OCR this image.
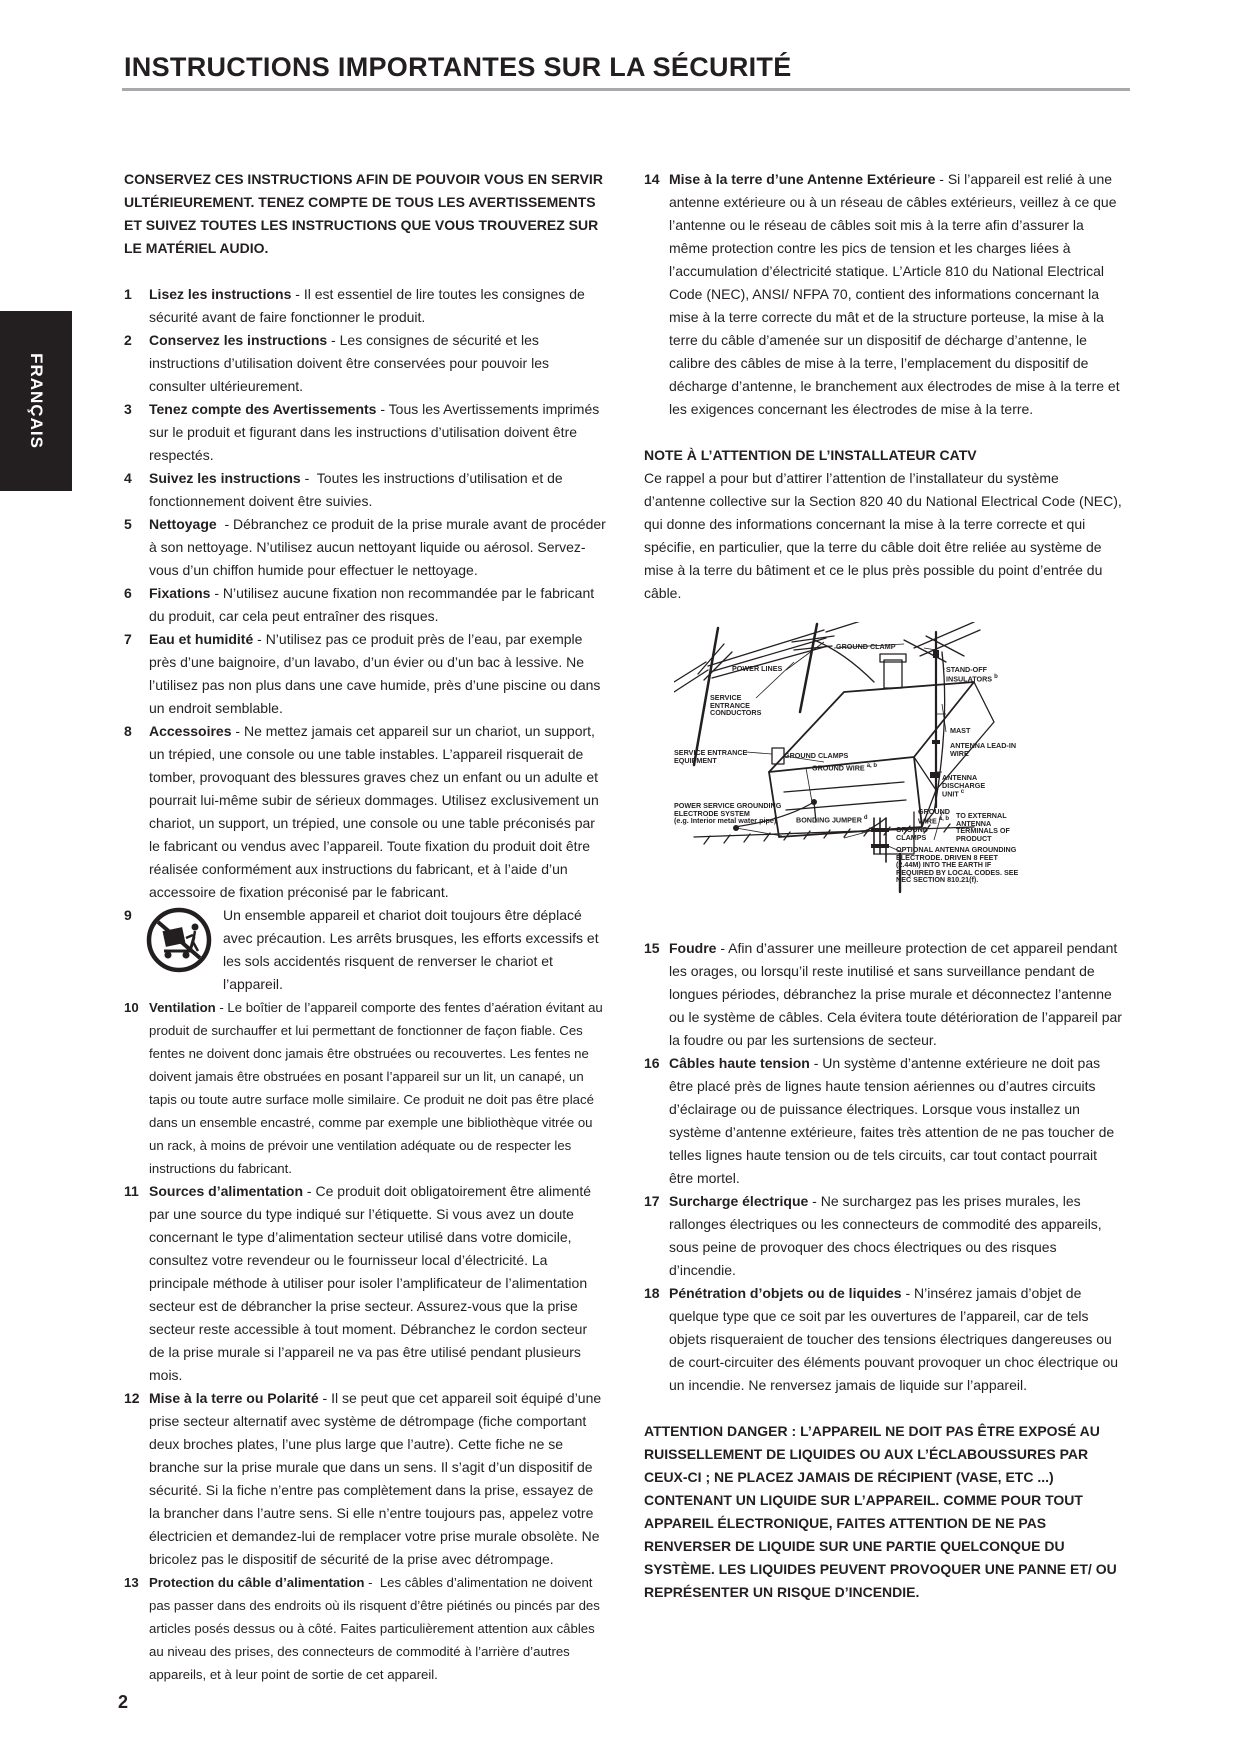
INSTRUCTIONS IMPORTANTES SUR LA SÉCURITÉ
FRANÇAIS

CONSERVEZ CES INSTRUCTIONS AFIN DE POUVOIR VOUS EN SERVIR ULTÉRIEUREMENT. TENEZ COMPTE DE TOUS LES AVERTISSEMENTS ET SUIVEZ TOUTES LES INSTRUCTIONS QUE VOUS TROUVEREZ SUR LE MATÉRIEL AUDIO.

1 Lisez les instructions - Il est essentiel de lire toutes les consignes de sécurité avant de faire fonctionner le produit.
2 Conservez les instructions - Les consignes de sécurité et les instructions d’utilisation doivent être conservées pour pouvoir les consulter ultérieurement.
3 Tenez compte des Avertissements - Tous les Avertissements imprimés sur le produit et figurant dans les instructions d’utilisation doivent être respectés.
4 Suivez les instructions -  Toutes les instructions d’utilisation et de fonctionnement doivent être suivies.
5 Nettoyage  - Débranchez ce produit de la prise murale avant de procéder à son nettoyage. N’utilisez aucun nettoyant liquide ou aérosol. Servez-vous d’un chiffon humide pour effectuer le nettoyage.
6 Fixations - N’utilisez aucune fixation non recommandée par le fabricant du produit, car cela peut entraîner des risques.
7 Eau et humidité - N’utilisez pas ce produit près de l’eau, par exemple près d’une baignoire, d’un lavabo, d’un évier ou d’un bac à lessive. Ne l’utilisez pas non plus dans une cave humide, près d’une piscine ou dans un endroit semblable.
8 Accessoires - Ne mettez jamais cet appareil sur un chariot, un support, un trépied, une console ou une table instables. L’appareil risquerait de tomber, provoquant des blessures graves chez un enfant ou un adulte et pourrait lui-même subir de sérieux dommages. Utilisez exclusivement un chariot, un support, un trépied, une console ou une table préconisés par le fabricant ou vendus avec l’appareil. Toute fixation du produit doit être réalisée conformément aux instructions du fabricant, et à l’aide d’un accessoire de fixation préconisé par le fabricant.
9	Un ensemble appareil et chariot doit toujours être déplacé avec précaution. Les arrêts brusques, les efforts excessifs et les sols accidentés risquent de renverser le chariot et l’appareil.
10 Ventilation - Le boîtier de l’appareil comporte des fentes d’aération évitant au produit de surchauffer et lui permettant de fonctionner de façon fiable. Ces fentes ne doivent donc jamais être obstruées ou recouvertes. Les fentes ne doivent jamais être obstruées en posant l’appareil sur un lit, un canapé, un tapis ou toute autre surface molle similaire. Ce produit ne doit pas être placé dans un ensemble encastré, comme par exemple une bibliothèque vitrée ou un rack, à moins de prévoir une ventilation adéquate ou de respecter les instructions du fabricant.
11 Sources d’alimentation - Ce produit doit obligatoirement être alimenté par une source du type indiqué sur l’étiquette. Si vous avez un doute concernant le type d’alimentation secteur utilisé dans votre domicile, consultez votre revendeur ou le fournisseur local d’électricité. La principale méthode à utiliser pour isoler l’amplificateur de l’alimentation secteur est de débrancher la prise secteur. Assurez-vous que la prise secteur reste accessible à tout moment. Débranchez le cordon secteur de la prise murale si l’appareil ne va pas être utilisé pendant plusieurs mois.
12 Mise à la terre ou Polarité - Il se peut que cet appareil soit équipé d’une prise secteur alternatif avec système de détrompage (fiche comportant deux broches plates, l’une plus large que l’autre). Cette fiche ne se branche sur la prise murale que dans un sens. Il s’agit d’un dispositif de sécurité. Si la fiche n’entre pas complètement dans la prise, essayez de la brancher dans l’autre sens. Si elle n’entre toujours pas, appelez votre électricien et demandez-lui de remplacer votre prise murale obsolète. Ne bricolez pas le dispositif de sécurité de la prise avec détrompage.
13 Protection du câble d’alimentation -  Les câbles d’alimentation ne doivent pas passer dans des endroits où ils risquent d’être piétinés ou pincés par des articles posés dessus ou à côté. Faites particulièrement attention aux câbles au niveau des prises, des connecteurs de commodité à l’arrière d’autres appareils, et à leur point de sortie de cet appareil.
14 Mise à la terre d’une Antenne Extérieure - Si l’appareil est relié à une antenne extérieure ou à un réseau de câbles extérieurs, veillez à ce que l’antenne ou le réseau de câbles soit mis à la terre afin d’assurer la même protection contre les pics de tension et les charges liées à l’accumulation d’électricité statique. L’Article 810 du National Electrical Code (NEC), ANSI/ NFPA 70, contient des informations concernant la mise à la terre correcte du mât et de la structure porteuse, la mise à la terre du câble d’amenée sur un dispositif de décharge d’antenne, le calibre des câbles de mise à la terre, l’emplacement du dispositif de décharge d’antenne, le branchement aux électrodes de mise à la terre et les exigences concernant les électrodes de mise à la terre.

NOTE À L’ATTENTION DE L’INSTALLATEUR CATV

Ce rappel a pour but d’attirer l’attention de l’installateur du système d’antenne collective sur la Section 820 40 du National Electrical Code (NEC), qui donne des informations concernant la mise à la terre correcte et qui spécifie, en particulier, que la terre du câble doit être reliée au système de mise à la terre du bâtiment et ce le plus près possible du point d’entrée du câble.

GROUND CLAMP
POWER LINES	STAND-OFF INSULATORS $^b$
SERVICE ENTRANCE CONDUCTORS
MAST
ANTENNA LEAD-IN WIRE
SERVICE ENTRANCE EQUIPMENT	GROUND CLAMPS
GROUND WIRE $^{a, b}$
ANTENNA DISCHARGE UNIT $^c$
POWER SERVICE GROUNDING ELECTRODE SYSTEM
(e.g. Interior metal water pipe)	BONDING JUMPER $^d$
GROUND WIRE $^{a, b}$ TO EXTERNAL ANTENNA TERMINALS OF PRODUCT
GROUND CLAMPS
OPTIONAL ANTENNA GROUNDING ELECTRODE. DRIVEN 8 FEET (2.44M) INTO THE EARTH IF REQUIRED BY LOCAL CODES. SEE NEC SECTION 810.21(f).
15 Foudre - Afin d’assurer une meilleure protection de cet appareil pendant les orages, ou lorsqu’il reste inutilisé et sans surveillance pendant de longues périodes, débranchez la prise murale et déconnectez l’antenne ou le système de câbles. Cela évitera toute détérioration de l’appareil par la foudre ou par les surtensions de secteur.
16 Câbles haute tension - Un système d’antenne extérieure ne doit pas être placé près de lignes haute tension aériennes ou d’autres circuits d’éclairage ou de puissance électriques. Lorsque vous installez un système d’antenne extérieure, faites très attention de ne pas toucher de telles lignes haute tension ou de tels circuits, car tout contact pourrait être mortel.
17 Surcharge électrique - Ne surchargez pas les prises murales, les rallonges électriques ou les connecteurs de commodité des appareils, sous peine de provoquer des chocs électriques ou des risques d’incendie.
18 Pénétration d’objets ou de liquides - N’insérez jamais d’objet de quelque type que ce soit par les ouvertures de l’appareil, car de tels objets risqueraient de toucher des tensions électriques dangereuses ou de court-circuiter des éléments pouvant provoquer un choc électrique ou un incendie. Ne renversez jamais de liquide sur l’appareil.

ATTENTION DANGER : L’APPAREIL NE DOIT PAS ÊTRE EXPOSÉ AU RUISSELLEMENT DE LIQUIDES OU AUX L’ÉCLABOUSSURES PAR CEUX-CI ; NE PLACEZ JAMAIS DE RÉCIPIENT (VASE, ETC ...) CONTENANT UN LIQUIDE SUR L’APPAREIL. COMME POUR TOUT APPAREIL ÉLECTRONIQUE, FAITES ATTENTION DE NE PAS RENVERSER DE LIQUIDE SUR UNE PARTIE QUELCONQUE DU SYSTÈME. LES LIQUIDES PEUVENT PROVOQUER UNE PANNE ET/ OU REPRÉSENTER UN RISQUE D’INCENDIE.

2
